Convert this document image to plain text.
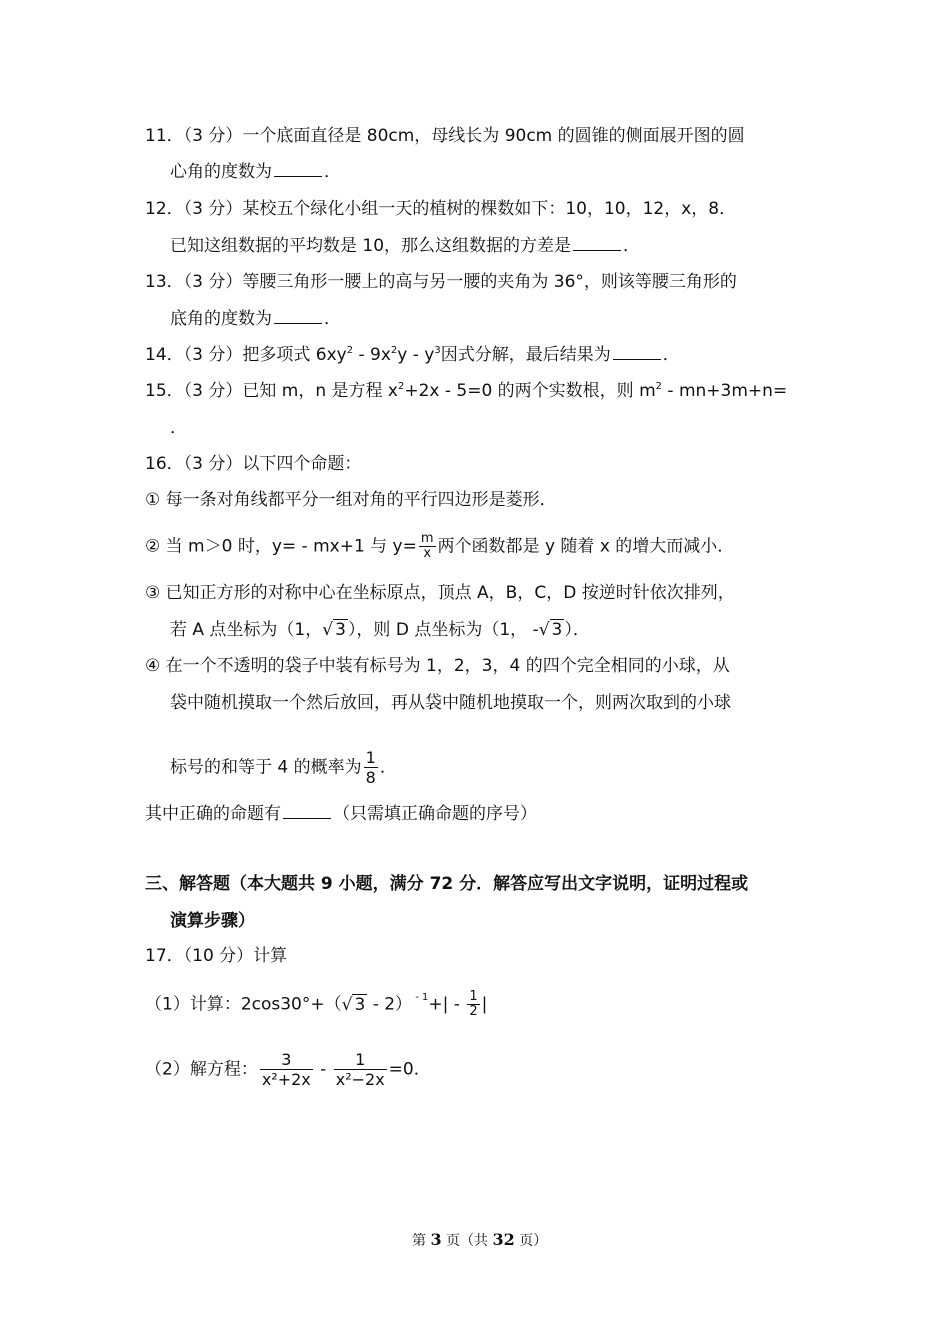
11．（3 分）一个底面直径是 80cm，母线长为 90cm 的圆锥的侧面展开图的圆
心角的度数为	．
12．（3 分）某校五个绿化小组一天的植树的棵数如下：10，10，12，x，8．
已知这组数据的平均数是 10，那么这组数据的方差是	．
13．（3 分）等腰三角形一腰上的高与另一腰的夹角为 36°，则该等腰三角形的
底角的度数为	．
14．（3 分）把多项式 $6xy^2 - 9x^2y - y^3$因式分解，最后结果为	．
15．（3 分）已知 m，n 是方程 $x^2+2x - 5=0$ 的两个实数根，则 $m^2 - mn+3m+n=$
．
16．（3 分）以下四个命题：
① 每一条对角线都平分一组对角的平行四边形是菱形．
② 当 m＞0 时，y= - mx+1 与 $y= \frac{m}{x}$ 两个函数都是 y 随着 x 的增大而减小．
③ 已知正方形的对称中心在坐标原点，顶点 A，B，C，D 按逆时针依次排列，
若 A 点坐标为（1，√ 3 ），则 D 点坐标为（1， -√ 3 ）．
④ 在一个不透明的袋子中装有标号为 1，2，3，4 的四个完全相同的小球，从
袋中随机摸取一个然后放回，再从袋中随机地摸取一个，则两次取到的小球
标号的和等于 4 的概率为 $\frac{1}{8}$ ．
其中正确的命题有	（只需填正确命题的序号）
三、解答题（本大题共 9 小题，满分 72 分．解答应写出文字说明，证明过程或
演算步骤）
17．（10 分）计算
（1）计算：2cos30°+（√ 3 - 2） $^{- 1}+| - \frac{1}{2}$ |
（2）解方程： $\frac{3}{\text{x²+2x}} - \frac{1}{\text{x²−2x}} =0$．
第 3 页（共 32 页）
